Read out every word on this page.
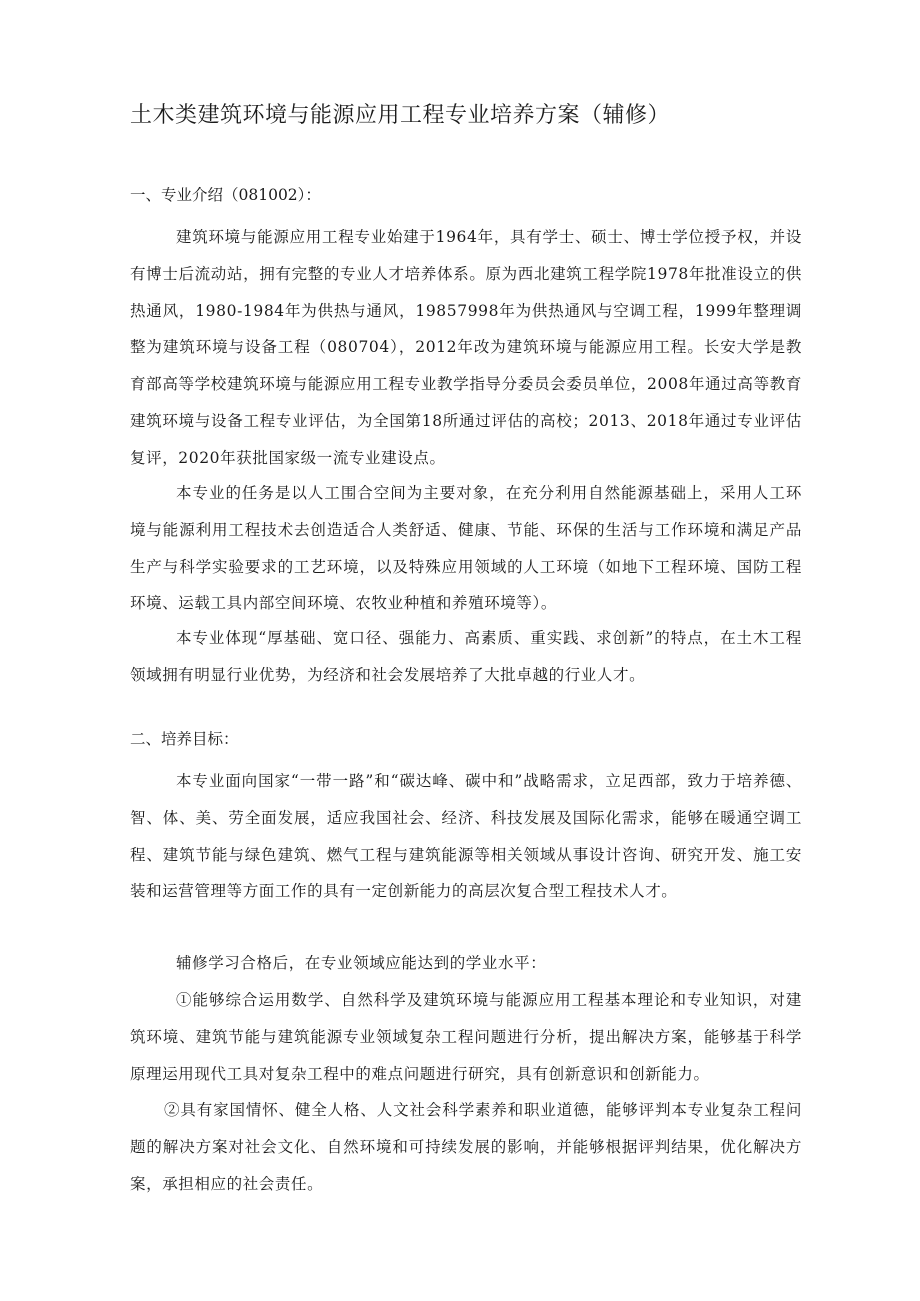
土木类建筑环境与能源应用工程专业培养方案（辅修）
一、专业介绍（081002）：

建筑环境与能源应用工程专业始建于1964年，具有学士、硕士、博士学位授予权，并设有博士后流动站，拥有完整的专业人才培养体系。原为西北建筑工程学院1978年批准设立的供热通风，1980-1984年为供热与通风，19857998年为供热通风与空调工程，1999年整理调整为建筑环境与设备工程（080704），2012年改为建筑环境与能源应用工程。长安大学是教育部高等学校建筑环境与能源应用工程专业教学指导分委员会委员单位，2008年通过高等教育建筑环境与设备工程专业评估，为全国第18所通过评估的高校；2013、2018年通过专业评估复评，2020年获批国家级一流专业建设点。

本专业的任务是以人工围合空间为主要对象，在充分利用自然能源基础上，采用人工环境与能源利用工程技术去创造适合人类舒适、健康、节能、环保的生活与工作环境和满足产品生产与科学实验要求的工艺环境，以及特殊应用领域的人工环境（如地下工程环境、国防工程环境、运载工具内部空间环境、农牧业种植和养殖环境等）。

本专业体现“厚基础、宽口径、强能力、高素质、重实践、求创新”的特点，在土木工程领域拥有明显行业优势，为经济和社会发展培养了大批卓越的行业人才。

二、培养目标：

本专业面向国家“一带一路”和“碳达峰、碳中和”战略需求，立足西部，致力于培养德、智、体、美、劳全面发展，适应我国社会、经济、科技发展及国际化需求，能够在暖通空调工程、建筑节能与绿色建筑、燃气工程与建筑能源等相关领域从事设计咨询、研究开发、施工安装和运营管理等方面工作的具有一定创新能力的高层次复合型工程技术人才。

辅修学习合格后，在专业领域应能达到的学业水平：

①能够综合运用数学、自然科学及建筑环境与能源应用工程基本理论和专业知识，对建筑环境、建筑节能与建筑能源专业领域复杂工程问题进行分析，提出解决方案，能够基于科学原理运用现代工具对复杂工程中的难点问题进行研究，具有创新意识和创新能力。

②具有家国情怀、健全人格、人文社会科学素养和职业道德，能够评判本专业复杂工程问题的解决方案对社会文化、自然环境和可持续发展的影响，并能够根据评判结果，优化解决方案，承担相应的社会责任。
